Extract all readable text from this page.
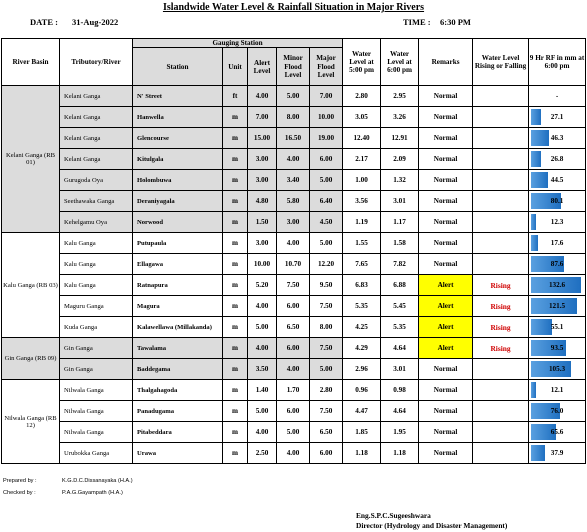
Islandwide Water Level & Rainfall Situation in Major Rivers
DATE : 31-Aug-2022	TIME : 6:30 PM
River Basin	Tributory/River	Gauging Station					Water Level at 5:00 pm	Water Level at 6:00 pm	Remarks	Water Level Rising or Falling	9 Hr RF in mm at 6:00 pm
		Station	Unit	Alert Level	Minor Flood Level	Major Flood Level					
Kelani Ganga (RB 01)	Kelani Ganga	N' Street	ft	4.00	5.00	7.00	2.80	2.95	Normal		-

	Kelani Ganga	Hanwella	m	7.00	8.00	10.00	3.05	3.26	Normal		27.1

	Kelani Ganga	Glencourse	m	15.00	16.50	19.00	12.40	12.91	Normal		46.3

	Kelani Ganga	Kitulgala	m	3.00	4.00	6.00	2.17	2.09	Normal		26.8

	Gurugoda Oya	Holombuwa	m	3.00	3.40	5.00	1.00	1.32	Normal		44.5

	Seethawaka Ganga	Deraniyagala	m	4.80	5.80	6.40	3.56	3.01	Normal		80.1

	Kehelgamu Oya	Norwood	m	1.50	3.00	4.50	1.19	1.17	Normal		12.3

Kalu Ganga (RB 03)	Kalu Ganga	Putupaula	m	3.00	4.00	5.00	1.55	1.58	Normal		17.6

	Kalu Ganga	Ellagawa	m	10.00	10.70	12.20	7.65	7.82	Normal		87.6

	Kalu Ganga	Ratnapura	m	5.20	7.50	9.50	6.83	6.88	Alert	Rising	132.6

	Maguru Ganga	Magura	m	4.00	6.00	7.50	5.35	5.45	Alert	Rising	121.5

	Kuda Ganga	Kalawellawa (Millakanda)	m	5.00	6.50	8.00	4.25	5.35	Alert	Rising	55.1

Gin Ganga (RB 09)	Gin Ganga	Tawalama	m	4.00	6.00	7.50	4.29	4.64	Alert	Rising	93.5

	Gin Ganga	Baddegama	m	3.50	4.00	5.00	2.96	3.01	Normal		105.3

Nilwala Ganga (RB 12)	Nilwala Ganga	Thalgahagoda	m	1.40	1.70	2.80	0.96	0.98	Normal		12.1

	Nilwala Ganga	Panadugama	m	5.00	6.00	7.50	4.47	4.64	Normal		76.0

	Nilwala Ganga	Pitabeddara	m	4.00	5.00	6.50	1.85	1.95	Normal		65.6

	Urubokka Ganga	Urawa	m	2.50	4.00	6.00	1.18	1.18	Normal		37.9
Prepared by :	K.G.D.C.Dissanayaka (H.A.)
Checked by :	P.A.G.Gayampath (H.A.)
Eng.S.P.C.Sugeeshwara
Director (Hydrology and Disaster Management)
